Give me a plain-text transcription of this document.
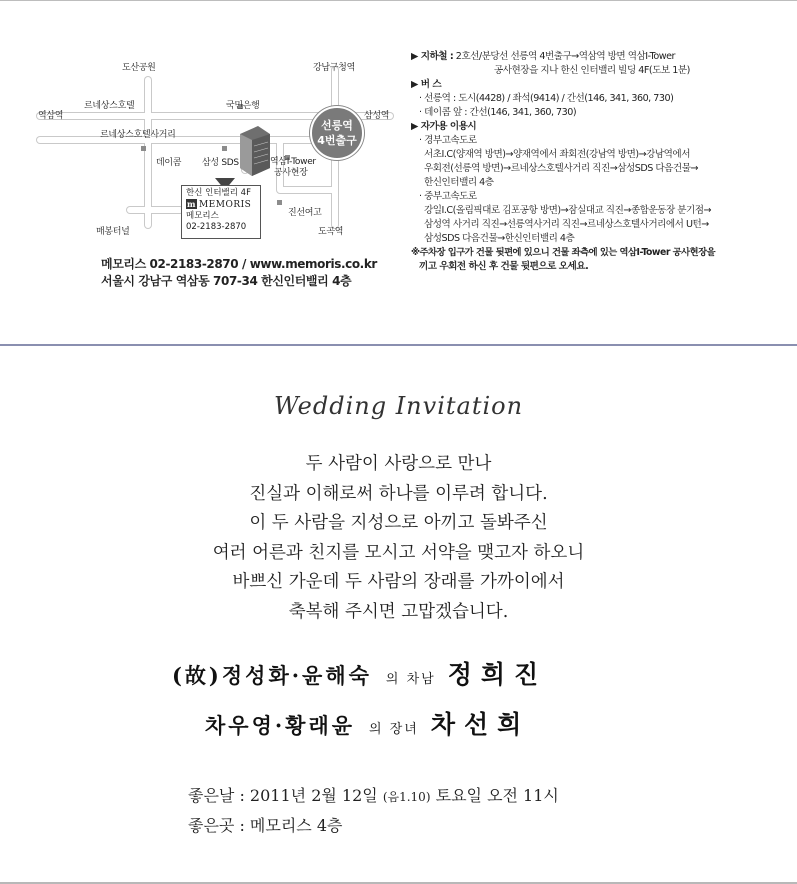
도산공원	강남구청역
역삼역
르네상스호텔	국민은행
삼성역
르네상스호텔사거리
데이콤 삼성 SDS	역삼I-Tower
공사현장
매봉터널
진선여고
도곡역
선릉역
4번출구
한신 인터밸리 4F
m MEMORIS
메모리스
02-2183-2870
메모리스 02-2183-2870 / www.memoris.co.kr
서울시 강남구 역삼동 707-34 한신인터밸리 4층
▶ 지하철 : 2호선/분당선 선릉역 4번출구→역삼역 방면 역삼I-Tower
공사현장을 지나 한신 인터밸리 빌딩 4F(도보 1분)
▶ 버 스
· 선릉역 : 도시(4428) / 좌석(9414) / 간선(146, 341, 360, 730)
· 데이콤 앞 : 간선(146, 341, 360, 730)
▶ 자가용 이용시
· 경부고속도로
서초I.C(양재역 방면)→양재역에서 좌회전(강남역 방면)→강남역에서
우회전(선릉역 방면)→르네상스호텔사거리 직진→삼성SDS 다음건물→
한신인터밸리 4층
· 중부고속도로
강일I.C(올림픽대로 김포공항 방면)→잠실대교 직진→종합운동장 분기점→
삼성역 사거리 직진→선릉역사거리 직진→르네상스호텔사거리에서 U턴→
삼성SDS 다음건물→한신인터밸리 4층
※주차장 입구가 건물 뒷편에 있으니 건물 좌측에 있는 역삼I-Tower 공사현장을
끼고 우회전 하신 후 건물 뒷편으로 오세요.
Wedding Invitation
두 사람이 사랑으로 만나
진실과 이해로써 하나를 이루려 합니다.
이 두 사람을 지성으로 아끼고 돌봐주신
여러 어른과 친지를 모시고 서약을 맺고자 하오니
바쁘신 가운데 두 사람의 장래를 가까이에서
축복해 주시면 고맙겠습니다.
(故)정성화·윤해숙 의 차남 정희진
차우영·황래윤 의 장녀 차선희
좋은날 : 2011년 2월 12일 (음1.10) 토요일 오전 11시
좋은곳 : 메모리스 4층
